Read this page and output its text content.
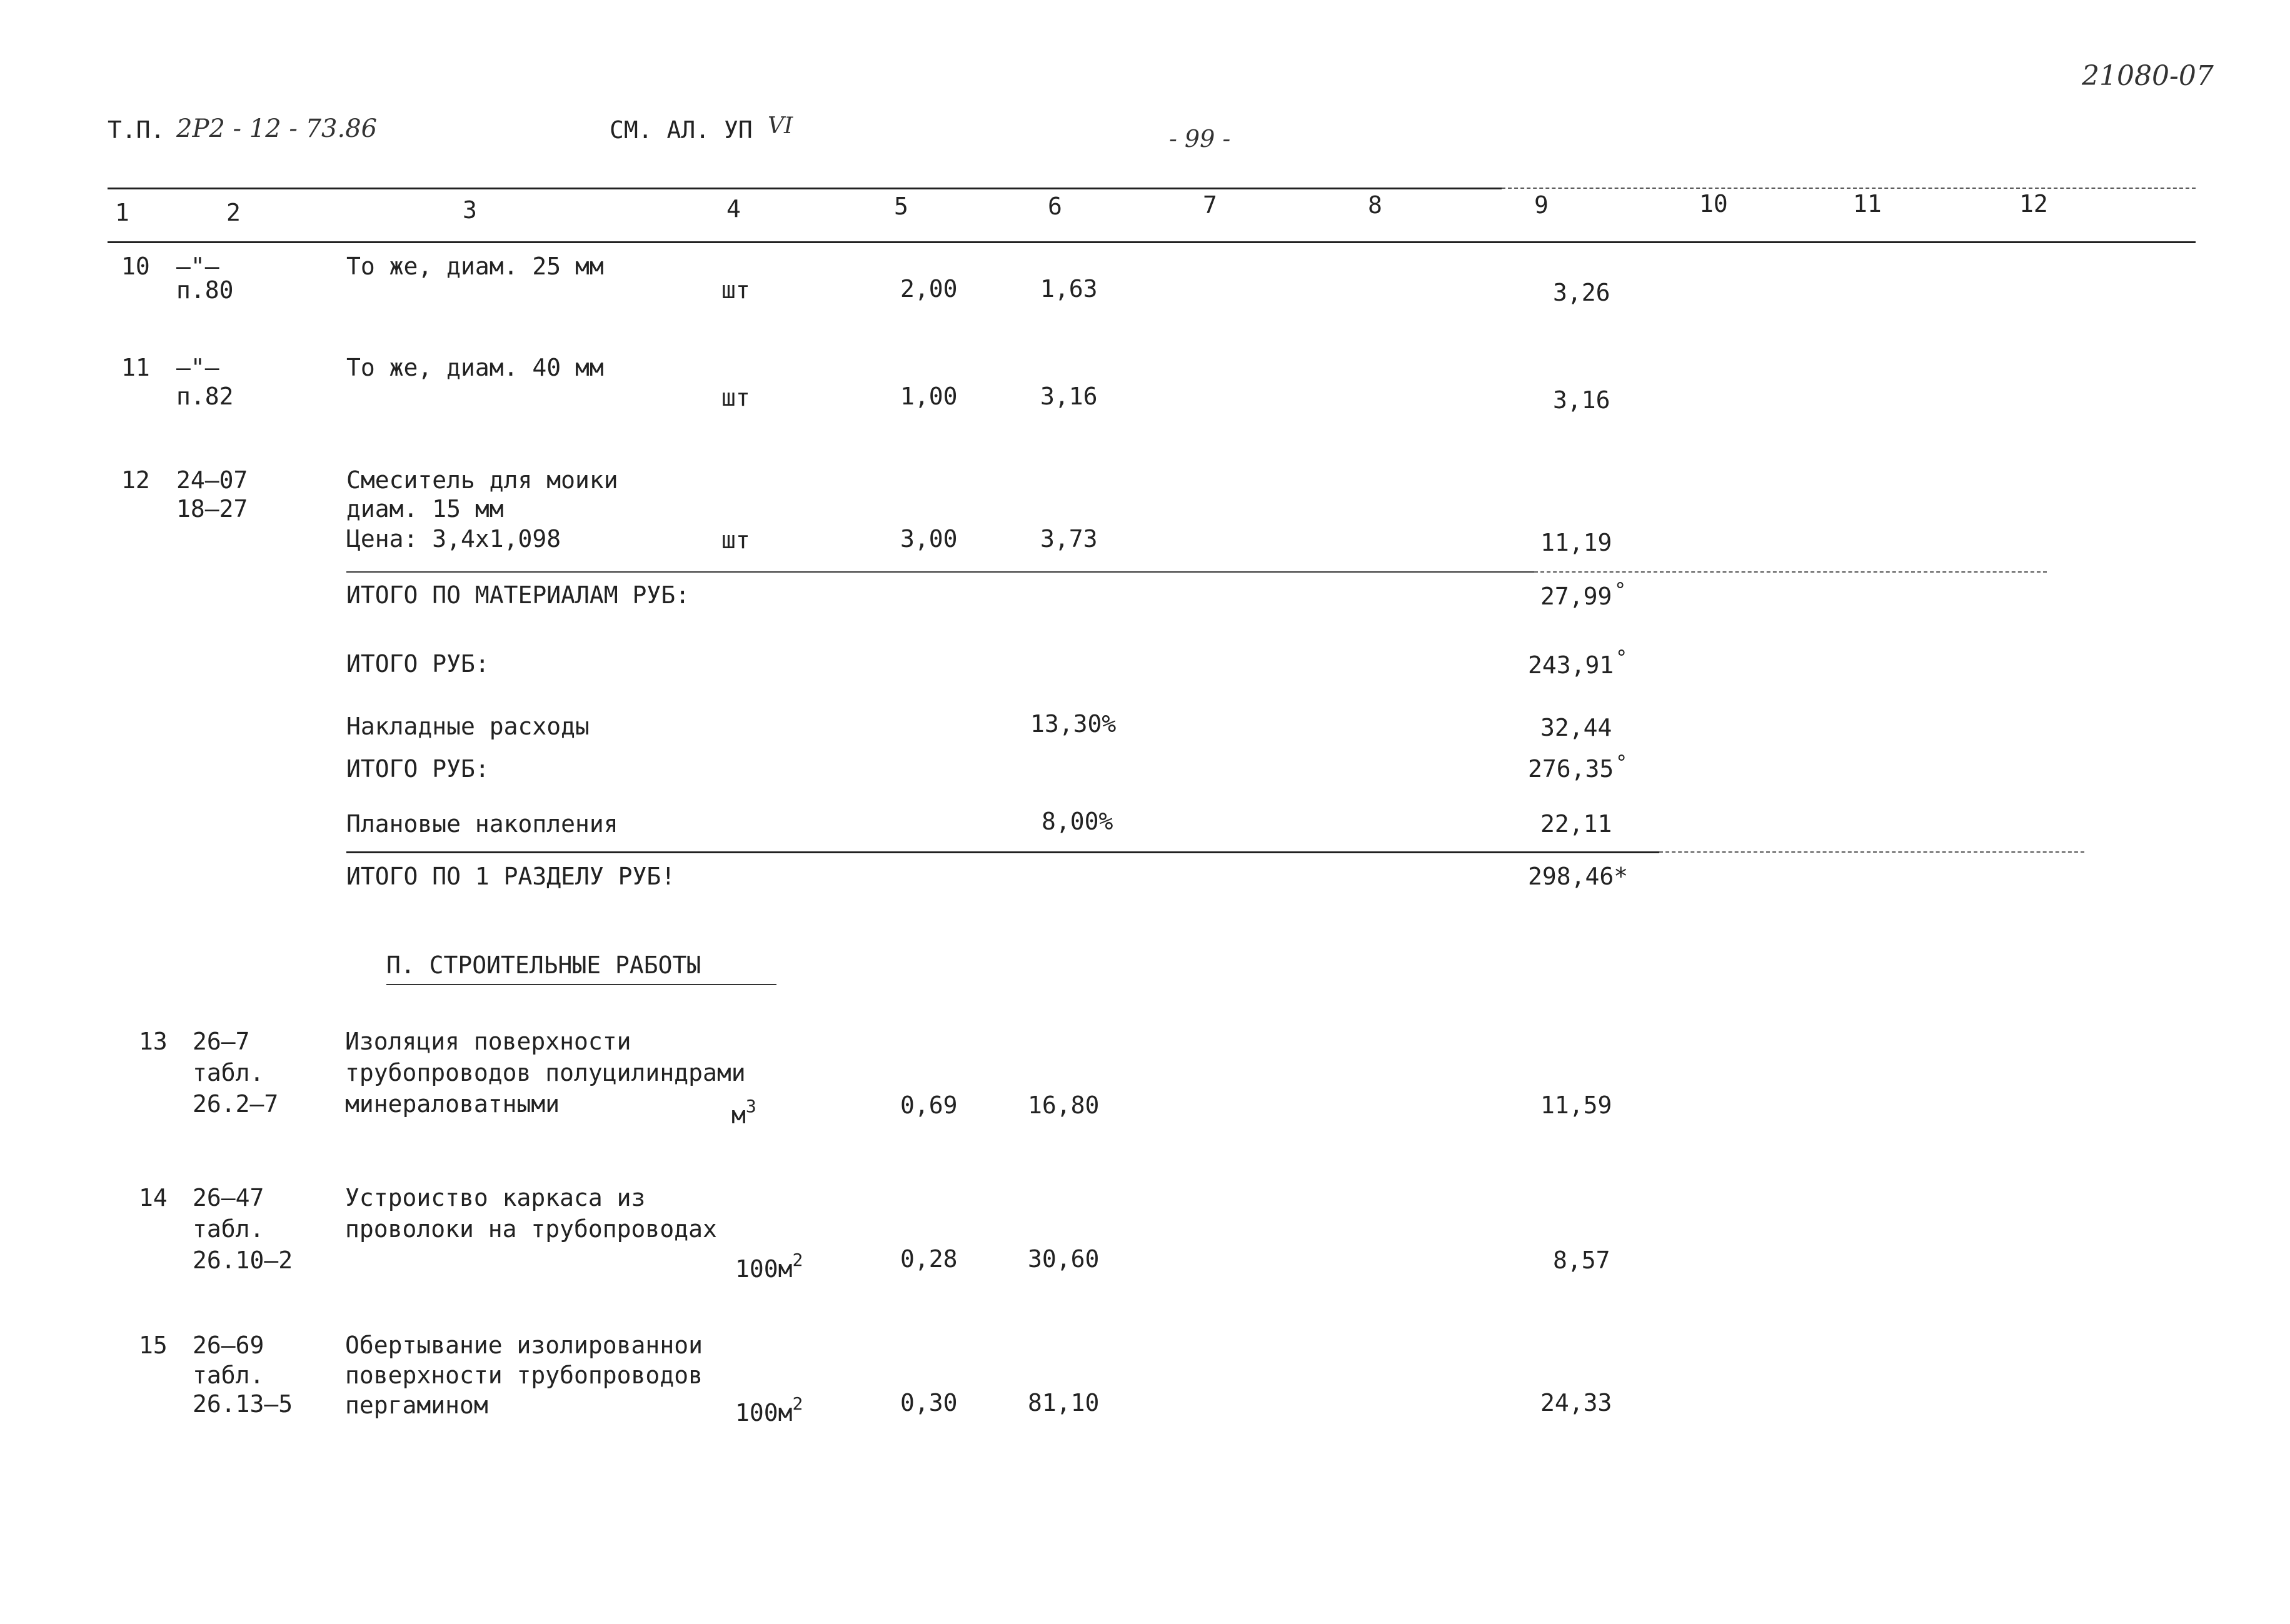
21080-07
Т.П. 2Р2 - 12 - 73.86	СМ. АЛ. УП VI	- 99 -
1	2	3	4	5	6	7	8	9	10	11	12
10 —"—
п.80
То же, диам. 25 мм
шт	2,00	1,63	3,26
11 —"—
п.82
То же, диам. 40 мм
шт	1,00	3,16	3,16
12 24—07
18—27
Смеситель для моики
диам. 15 мм
Цена: 3,4х1,098	шт	3,00	3,73	11,19
ИТОГО ПО МАТЕРИАЛАМ РУБ:	27,99 °
ИТОГО РУБ:	243,91 °
Накладные расходы	13,30%	32,44
ИТОГО РУБ:	276,35 °
Плановые накопления	8,00%	22,11
ИТОГО ПО 1 РАЗДЕЛУ РУБ!	298,46*
П. СТРОИТЕЛЬНЫЕ РАБОТЫ
13 26—7
табл.
26.2—7
Изоляция поверхности
трубопроводов полуцилиндрами
минераловатными	$м^3$	0,69	16,80	11,59
14 26—47
табл.
26.10—2
Устроиство каркаса из
проволоки на трубопроводах
$100м^2$	0,28	30,60	8,57
15 26—69
табл.
26.13—5
Обертывание изолированнои
поверхности трубопроводов
пергамином	$100м^2$	0,30	81,10	24,33
